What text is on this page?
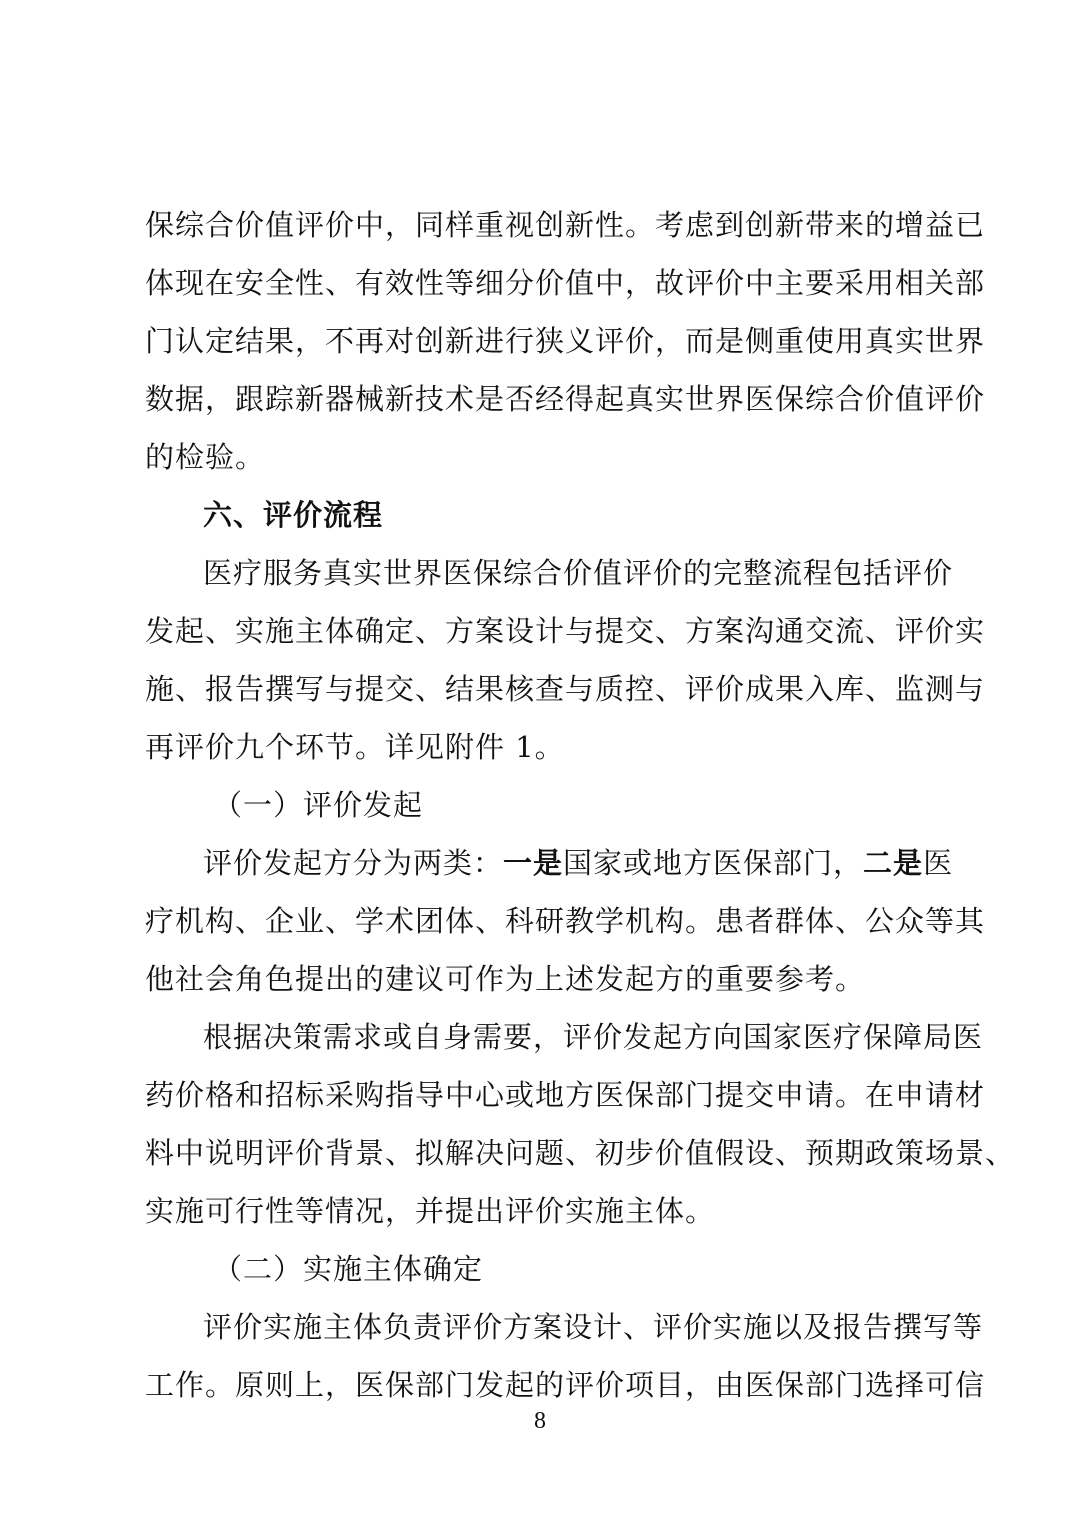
保综合价值评价中，同样重视创新性。考虑到创新带来的增益已
体现在安全性、有效性等细分价值中，故评价中主要采用相关部
门认定结果，不再对创新进行狭义评价，而是侧重使用真实世界
数据，跟踪新器械新技术是否经得起真实世界医保综合价值评价
的检验。
六、评价流程
医疗服务真实世界医保综合价值评价的完整流程包括评价
发起、实施主体确定、方案设计与提交、方案沟通交流、评价实
施、报告撰写与提交、结果核查与质控、评价成果入库、监测与
再评价九个环节。详见附件 1。
（一）评价发起
评价发起方分为两类：一是国家或地方医保部门，二是医
疗机构、企业、学术团体、科研教学机构。患者群体、公众等其
他社会角色提出的建议可作为上述发起方的重要参考。
根据决策需求或自身需要，评价发起方向国家医疗保障局医
药价格和招标采购指导中心或地方医保部门提交申请。在申请材
料中说明评价背景、拟解决问题、初步价值假设、预期政策场景、
实施可行性等情况，并提出评价实施主体。
（二）实施主体确定
评价实施主体负责评价方案设计、评价实施以及报告撰写等
工作。原则上，医保部门发起的评价项目，由医保部门选择可信
8
